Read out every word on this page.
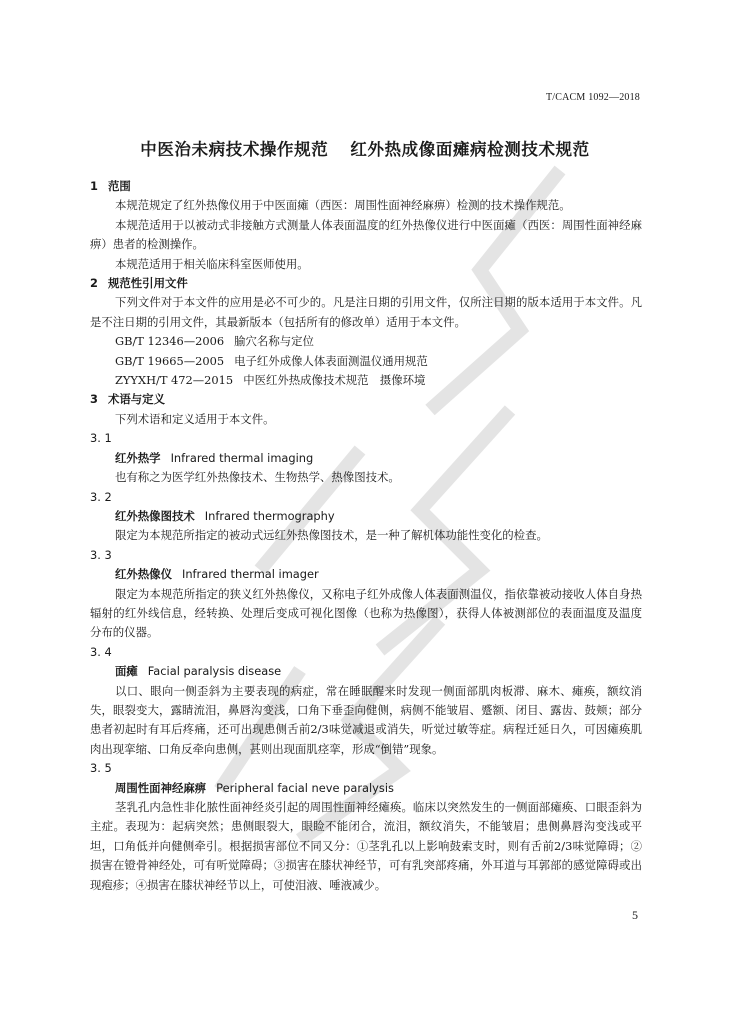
T/CACM 1092—2018
中医治未病技术操作规范 红外热成像面瘫病检测技术规范
1 范围
本规范规定了红外热像仪用于中医面瘫（西医：周围性面神经麻痹）检测的技术操作规范。
本规范适用于以被动式非接触方式测量人体表面温度的红外热像仪进行中医面瘫（西医：周围性面神经麻痹）患者的检测操作。
本规范适用于相关临床科室医师使用。
2 规范性引用文件
下列文件对于本文件的应用是必不可少的。凡是注日期的引用文件，仅所注日期的版本适用于本文件。凡是不注日期的引用文件，其最新版本（包括所有的修改单）适用于本文件。
GB/T 12346—2006 腧穴名称与定位
GB/T 19665—2005 电子红外成像人体表面测温仪通用规范
ZYYXH/T 472—2015 中医红外热成像技术规范　摄像环境
3 术语与定义
下列术语和定义适用于本文件。
3. 1
红外热学 Infrared thermal imaging
也有称之为医学红外热像技术、生物热学、热像图技术。
3. 2
红外热像图技术 Infrared thermography
限定为本规范所指定的被动式远红外热像图技术，是一种了解机体功能性变化的检查。
3. 3
红外热像仪 Infrared thermal imager
限定为本规范所指定的狭义红外热像仪，又称电子红外成像人体表面测温仪，指依靠被动接收人体自身热辐射的红外线信息，经转换、处理后变成可视化图像（也称为热像图），获得人体被测部位的表面温度及温度分布的仪器。
3. 4
面瘫 Facial paralysis disease
以口、眼向一侧歪斜为主要表现的病症，常在睡眠醒来时发现一侧面部肌肉板滞、麻木、瘫痪，额纹消失，眼裂变大，露睛流泪，鼻唇沟变浅，口角下垂歪向健侧，病侧不能皱眉、蹙额、闭目、露齿、鼓颊；部分患者初起时有耳后疼痛，还可出现患侧舌前2/3味觉减退或消失，听觉过敏等症。病程迁延日久，可因瘫痪肌肉出现挛缩、口角反牵向患侧，甚则出现面肌痉挛，形成“倒错”现象。
3. 5
周围性面神经麻痹 Peripheral facial neve paralysis
茎乳孔内急性非化脓性面神经炎引起的周围性面神经瘫痪。临床以突然发生的一侧面部瘫痪、口眼歪斜为主症。表现为：起病突然；患侧眼裂大，眼睑不能闭合，流泪，额纹消失，不能皱眉；患侧鼻唇沟变浅或平坦，口角低并向健侧牵引。根据损害部位不同又分：①茎乳孔以上影响鼓索支时，则有舌前2/3味觉障碍；②损害在镫骨神经处，可有听觉障碍；③损害在膝状神经节，可有乳突部疼痛，外耳道与耳郭部的感觉障碍或出现疱疹；④损害在膝状神经节以上，可使泪液、唾液减少。
5
